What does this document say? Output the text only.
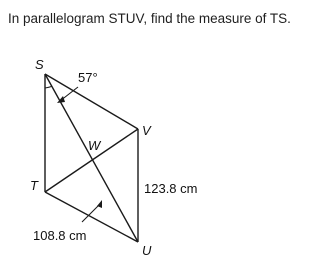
In parallelogram STUV, find the measure of TS.

S
T
U
V
W
57°
123.8 cm
108.8 cm
